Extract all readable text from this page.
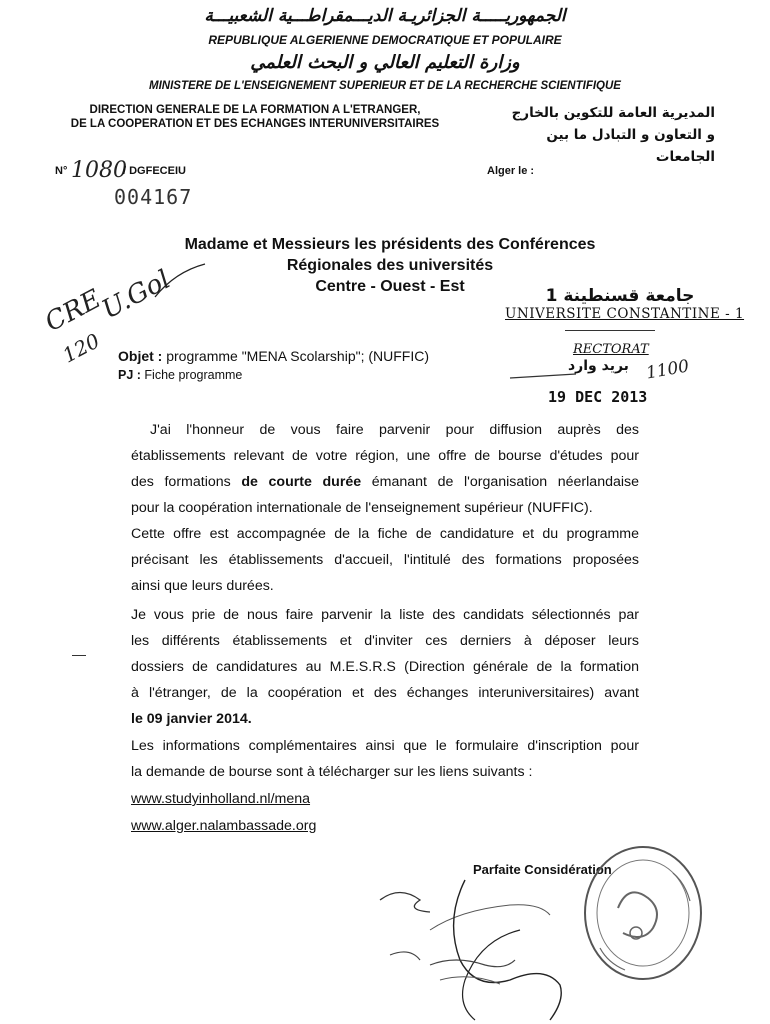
الجمهوريـــــة الجزائريـة الديـــمقراطـــية الشعبيـــة
REPUBLIQUE ALGERIENNE DEMOCRATIQUE ET POPULAIRE
وزارة التعليم العالي و البحث العلمي
MINISTERE DE L'ENSEIGNEMENT SUPERIEUR ET DE LA RECHERCHE SCIENTIFIQUE
DIRECTION GENERALE DE LA FORMATION A L'ETRANGER,
DE LA COOPERATION ET DES ECHANGES INTERUNIVERSITAIRES
المديرية العامة للتكوين بالخارج
و التعاون و التبادل ما بين الجامعات
N° 1080
/ DGFECEIU	Alger le :
004167
Madame et Messieurs les présidents des Conférences
Régionales des universités
Centre - Ouest - Est
CRE
U.Gol
120
جامعة قسنطينة 1
UNIVERSITE CONSTANTINE - 1
RECTORAT
بريد وارد 1100
19 DEC 2013
Objet : programme "MENA Scolarship"; (NUFFIC)
PJ : Fiche programme
J'ai l'honneur de vous faire parvenir pour diffusion auprès des
établissements relevant de votre région, une offre de bourse d'études pour
des formations de courte durée émanant de l'organisation néerlandaise
pour la coopération internationale de l'enseignement supérieur (NUFFIC).
Cette offre est accompagnée de la fiche de candidature et du programme
précisant les établissements d'accueil, l'intitulé des formations proposées
ainsi que leurs durées.
Je vous prie de nous faire parvenir la liste des candidats sélectionnés par
les différents établissements et d'inviter ces derniers à déposer leurs
dossiers de candidatures au M.E.S.R.S (Direction générale de la formation
à l'étranger, de la coopération et des échanges interuniversitaires) avant
le 09 janvier 2014.
Les informations complémentaires ainsi que le formulaire d'inscription pour
la demande de bourse sont à télécharger sur les liens suivants :
www.studyinholland.nl/mena
www.alger.nalambassade.org
Parfaite Considération
